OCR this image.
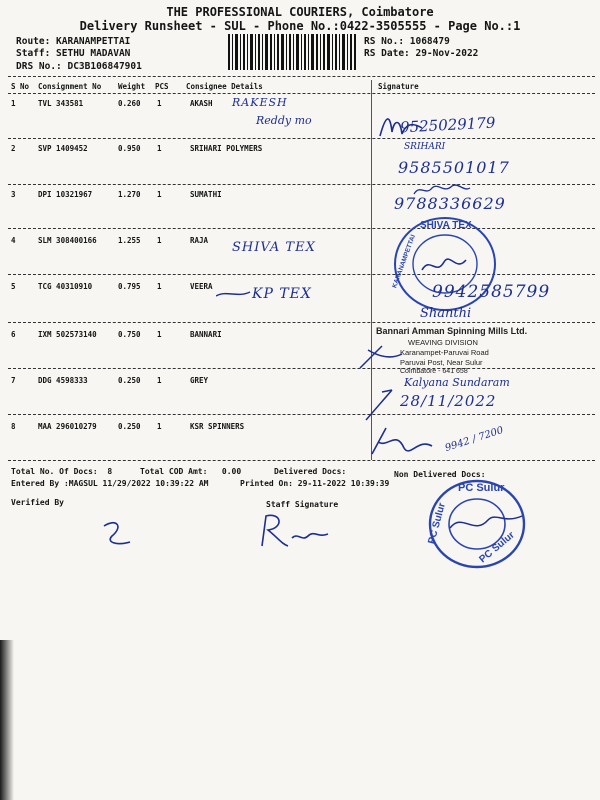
THE PROFESSIONAL COURIERS, Coimbatore
Delivery Runsheet - SUL - Phone No.:0422-3505555 - Page No.:1
Route: KARANAMPETTAI
Staff: SETHU MADAVAN
DRS No.: DC3B106847901
RS No.: 1068479
RS Date: 29-Nov-2022
S No Consignment No Weight PCS Consignee Details	Signature
1	TVL 343581	0.260 1	AKASH
2	SVP 1409452	0.950 1	SRIHARI POLYMERS
3	DPI 10321967	1.270 1	SUMATHI
4	SLM 308400166	1.255 1	RAJA
5	TCG 40310910	0.795 1	VEERA
6	IXM 502573140	0.750 1	BANNARI
7	DDG 4598333	0.250 1	GREY
8	MAA 296010279	0.250 1	KSR SPINNERS
Total No. Of Docs:  8	Total COD Amt:   0.00	Delivered Docs:	Non Delivered Docs:
Entered By :MAGSUL 11/29/2022 10:39:22 AM	Printed On: 29-11-2022 10:39:39
Verified By	Staff Signature
RAKESH
Reddy mo	9525029179
SRIHARI
9585501017
9788336629
SHIVA TEX
SHIVA TEX
KARANAMPETTAI
KP TEX	9942585799
Shanthi
Bannari Amman Spinning Mills Ltd.
WEAVING DIVISION
Karanampet-Paruvai Road
Paruvai Post, Near Sulur
Coimbatore - 641 658
Kalyana Sundaram
28/11/2022
9942 / 7200
PC Sulur
PC Sulur
PC Sulur
